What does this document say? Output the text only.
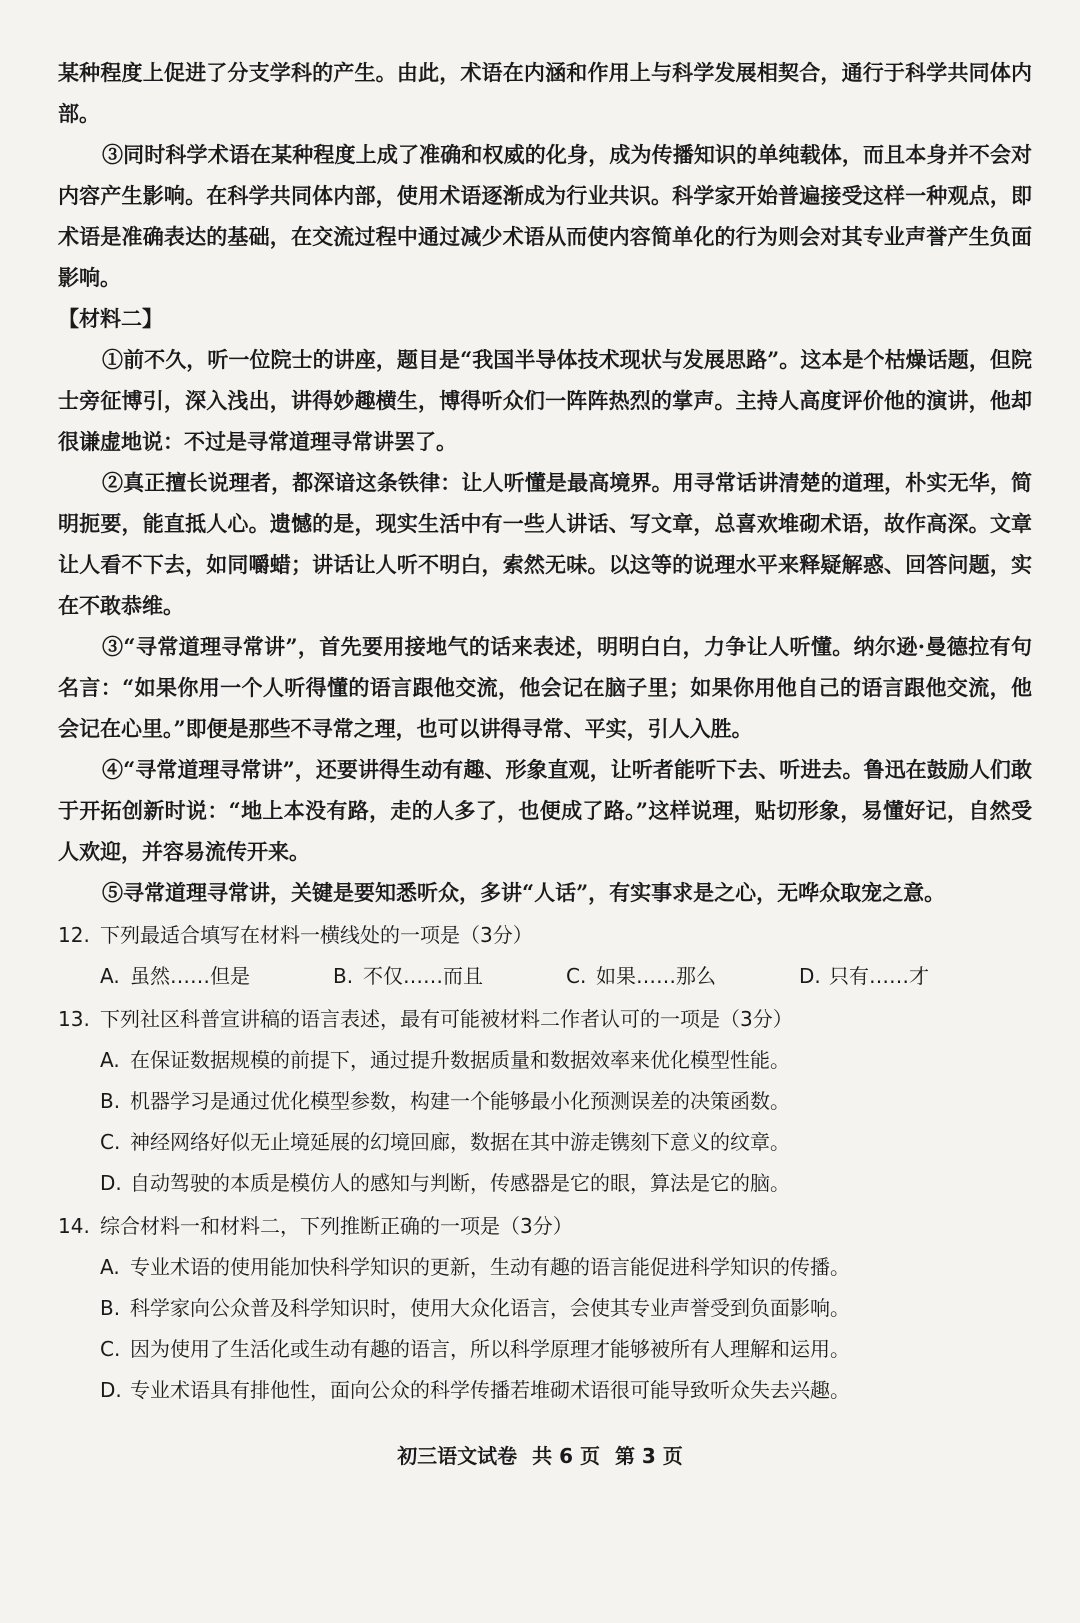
某种程度上促进了分支学科的产生。由此，术语在内涵和作用上与科学发展相契合，通行于科学共同体内部。

③同时科学术语在某种程度上成了准确和权威的化身，成为传播知识的单纯载体，而且本身并不会对内容产生影响。在科学共同体内部，使用术语逐渐成为行业共识。科学家开始普遍接受这样一种观点，即术语是准确表达的基础，在交流过程中通过减少术语从而使内容简单化的行为则会对其专业声誉产生负面影响。

【材料二】

①前不久，听一位院士的讲座，题目是“我国半导体技术现状与发展思路”。这本是个枯燥话题，但院士旁征博引，深入浅出，讲得妙趣横生，博得听众们一阵阵热烈的掌声。主持人高度评价他的演讲，他却很谦虚地说：不过是寻常道理寻常讲罢了。

②真正擅长说理者，都深谙这条铁律：让人听懂是最高境界。用寻常话讲清楚的道理，朴实无华，简明扼要，能直抵人心。遗憾的是，现实生活中有一些人讲话、写文章，总喜欢堆砌术语，故作高深。文章让人看不下去，如同嚼蜡；讲话让人听不明白，索然无味。以这等的说理水平来释疑解惑、回答问题，实在不敢恭维。

③“寻常道理寻常讲”，首先要用接地气的话来表述，明明白白，力争让人听懂。纳尔逊·曼德拉有句名言：“如果你用一个人听得懂的语言跟他交流，他会记在脑子里；如果你用他自己的语言跟他交流，他会记在心里。”即便是那些不寻常之理，也可以讲得寻常、平实，引人入胜。

④“寻常道理寻常讲”，还要讲得生动有趣、形象直观，让听者能听下去、听进去。鲁迅在鼓励人们敢于开拓创新时说：“地上本没有路，走的人多了，也便成了路。”这样说理，贴切形象，易懂好记，自然受人欢迎，并容易流传开来。

⑤寻常道理寻常讲，关键是要知悉听众，多讲“人话”，有实事求是之心，无哗众取宠之意。

12. 下列最适合填写在材料一横线处的一项是（3分）

A. 虽然……但是	B. 不仅……而且	C. 如果……那么	D. 只有……才

13. 下列社区科普宣讲稿的语言表述，最有可能被材料二作者认可的一项是（3分）

A. 在保证数据规模的前提下，通过提升数据质量和数据效率来优化模型性能。

B. 机器学习是通过优化模型参数，构建一个能够最小化预测误差的决策函数。

C. 神经网络好似无止境延展的幻境回廊，数据在其中游走镌刻下意义的纹章。

D. 自动驾驶的本质是模仿人的感知与判断，传感器是它的眼，算法是它的脑。

14. 综合材料一和材料二，下列推断正确的一项是（3分）

A. 专业术语的使用能加快科学知识的更新，生动有趣的语言能促进科学知识的传播。

B. 科学家向公众普及科学知识时，使用大众化语言，会使其专业声誉受到负面影响。

C. 因为使用了生活化或生动有趣的语言，所以科学原理才能够被所有人理解和运用。

D. 专业术语具有排他性，面向公众的科学传播若堆砌术语很可能导致听众失去兴趣。

初三语文试卷 共 6 页 第 3 页
